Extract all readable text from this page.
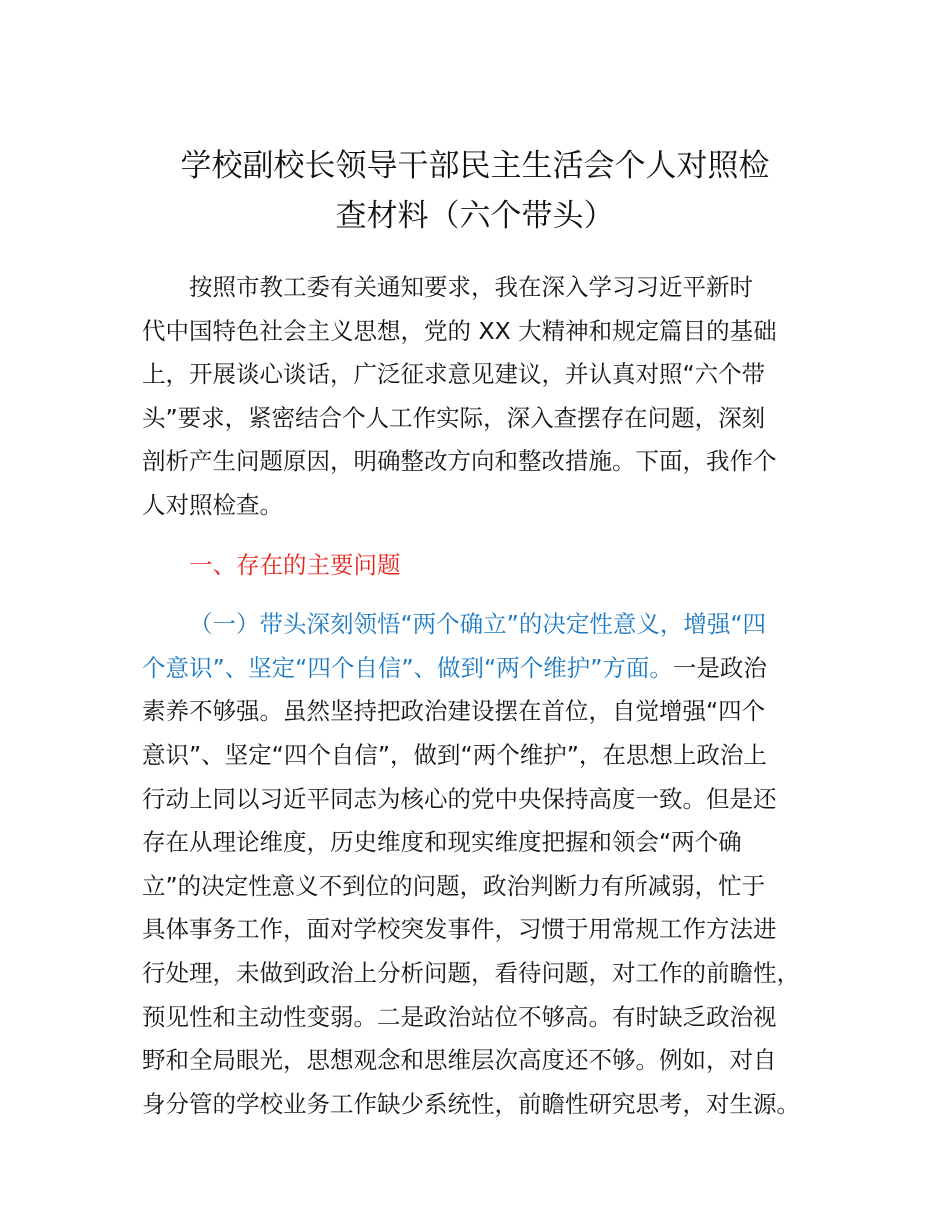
学校副校长领导干部民主生活会个人对照检
查材料（六个带头）
按照市教工委有关通知要求，我在深入学习习近平新时
代中国特色社会主义思想，党的 XX 大精神和规定篇目的基础
上，开展谈心谈话，广泛征求意见建议，并认真对照“六个带
头”要求，紧密结合个人工作实际，深入查摆存在问题，深刻
剖析产生问题原因，明确整改方向和整改措施。下面，我作个
人对照检查。
一、存在的主要问题
（一）带头深刻领悟“两个确立”的决定性意义，增强“四
个意识”、坚定“四个自信”、做到“两个维护”方面。一是政治
素养不够强。虽然坚持把政治建设摆在首位，自觉增强“四个
意识”、坚定“四个自信”，做到“两个维护”，在思想上政治上
行动上同以习近平同志为核心的党中央保持高度一致。但是还
存在从理论维度，历史维度和现实维度把握和领会“两个确
立”的决定性意义不到位的问题，政治判断力有所减弱，忙于
具体事务工作，面对学校突发事件，习惯于用常规工作方法进
行处理，未做到政治上分析问题，看待问题，对工作的前瞻性，
预见性和主动性变弱。二是政治站位不够高。有时缺乏政治视
野和全局眼光，思想观念和思维层次高度还不够。例如，对自
身分管的学校业务工作缺少系统性，前瞻性研究思考，对生源。
